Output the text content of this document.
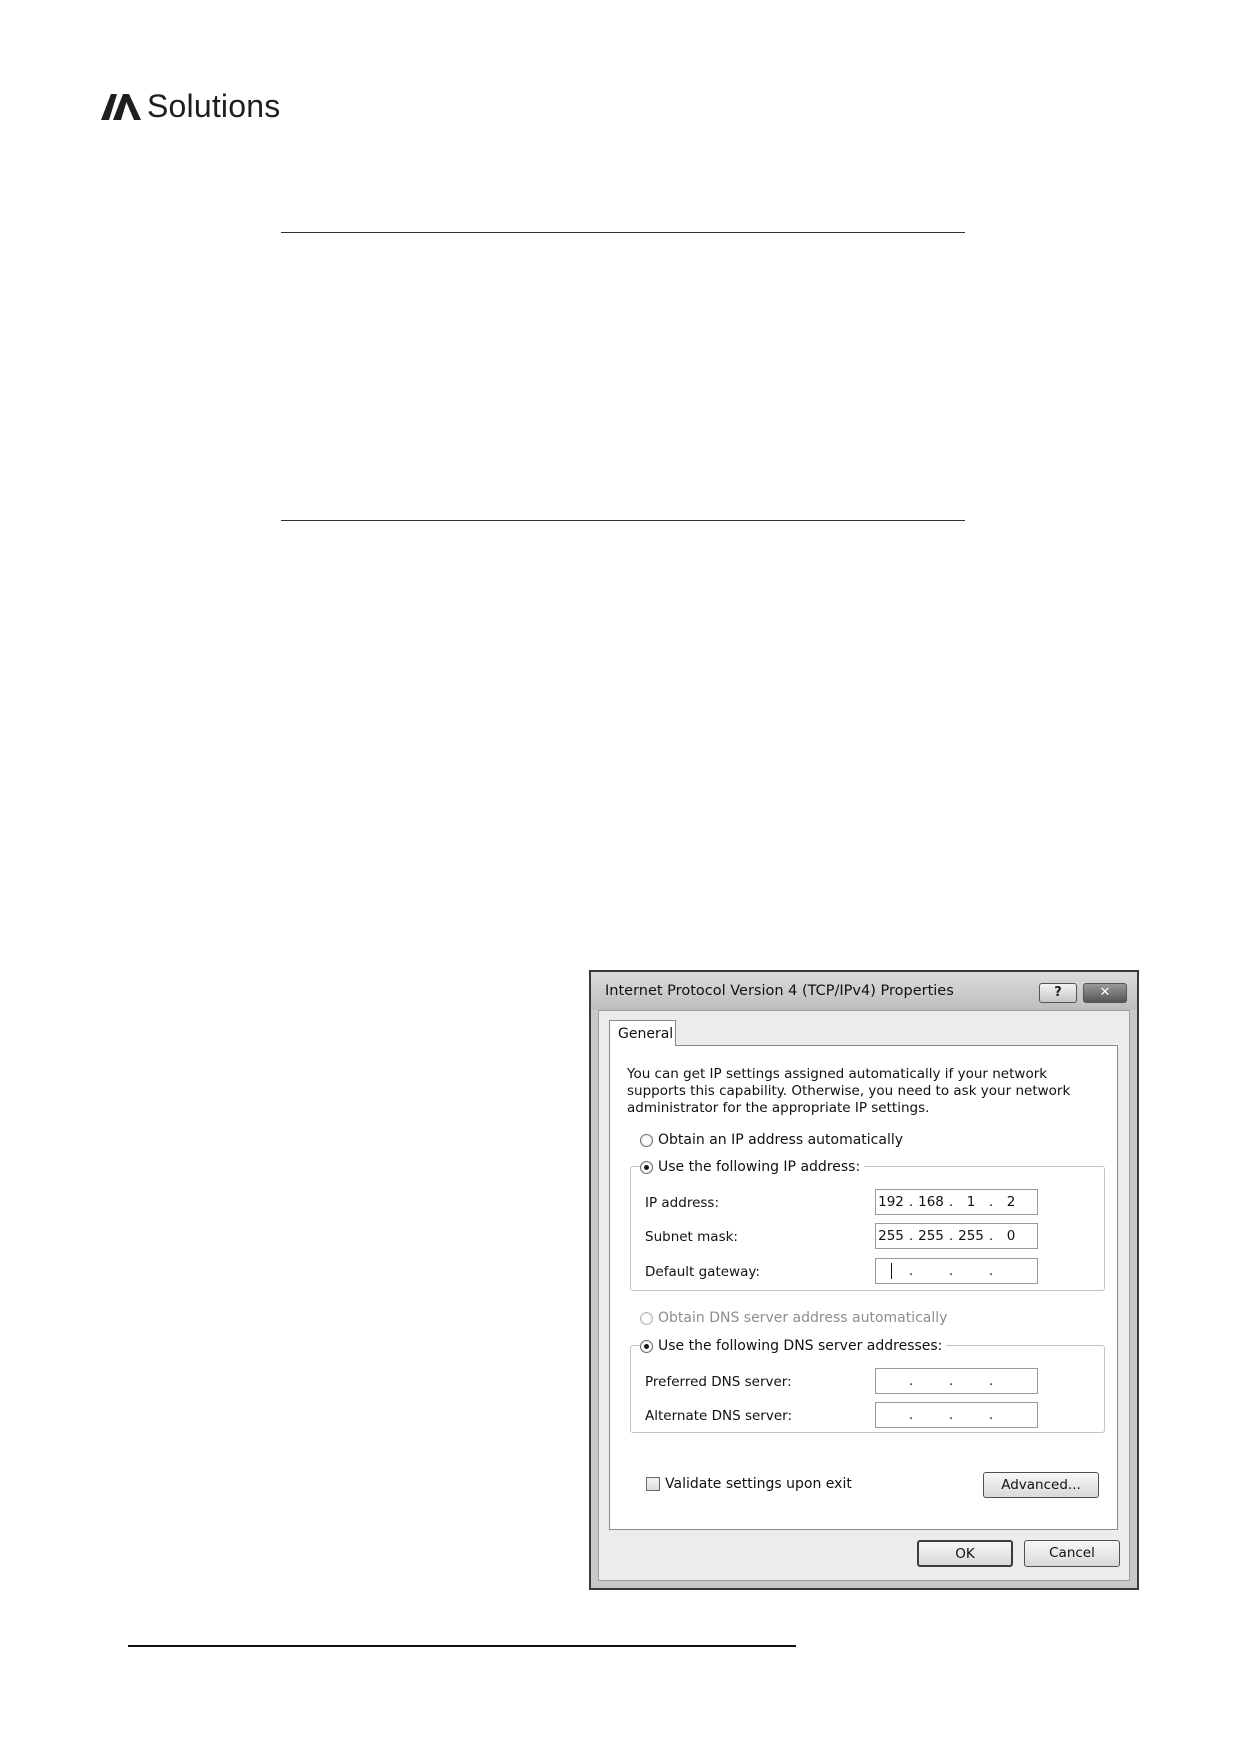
Solutions
Internet Protocol Version 4 (TCP/IPv4) Properties	?	✕
General
You can get IP settings assigned automatically if your network supports this capability. Otherwise, you need to ask your network administrator for the appropriate IP settings.
Obtain an IP address automatically
Use the following IP address:
IP address:	192 . 168 .	1	.	2
Subnet mask:	255 . 255 . 255 .	0
Default gateway:	.	.	.
Obtain DNS server address automatically
Use the following DNS server addresses:
Preferred DNS server:	.	.	.
Alternate DNS server:	.	.	.
Validate settings upon exit	Advanced...
OK	Cancel
